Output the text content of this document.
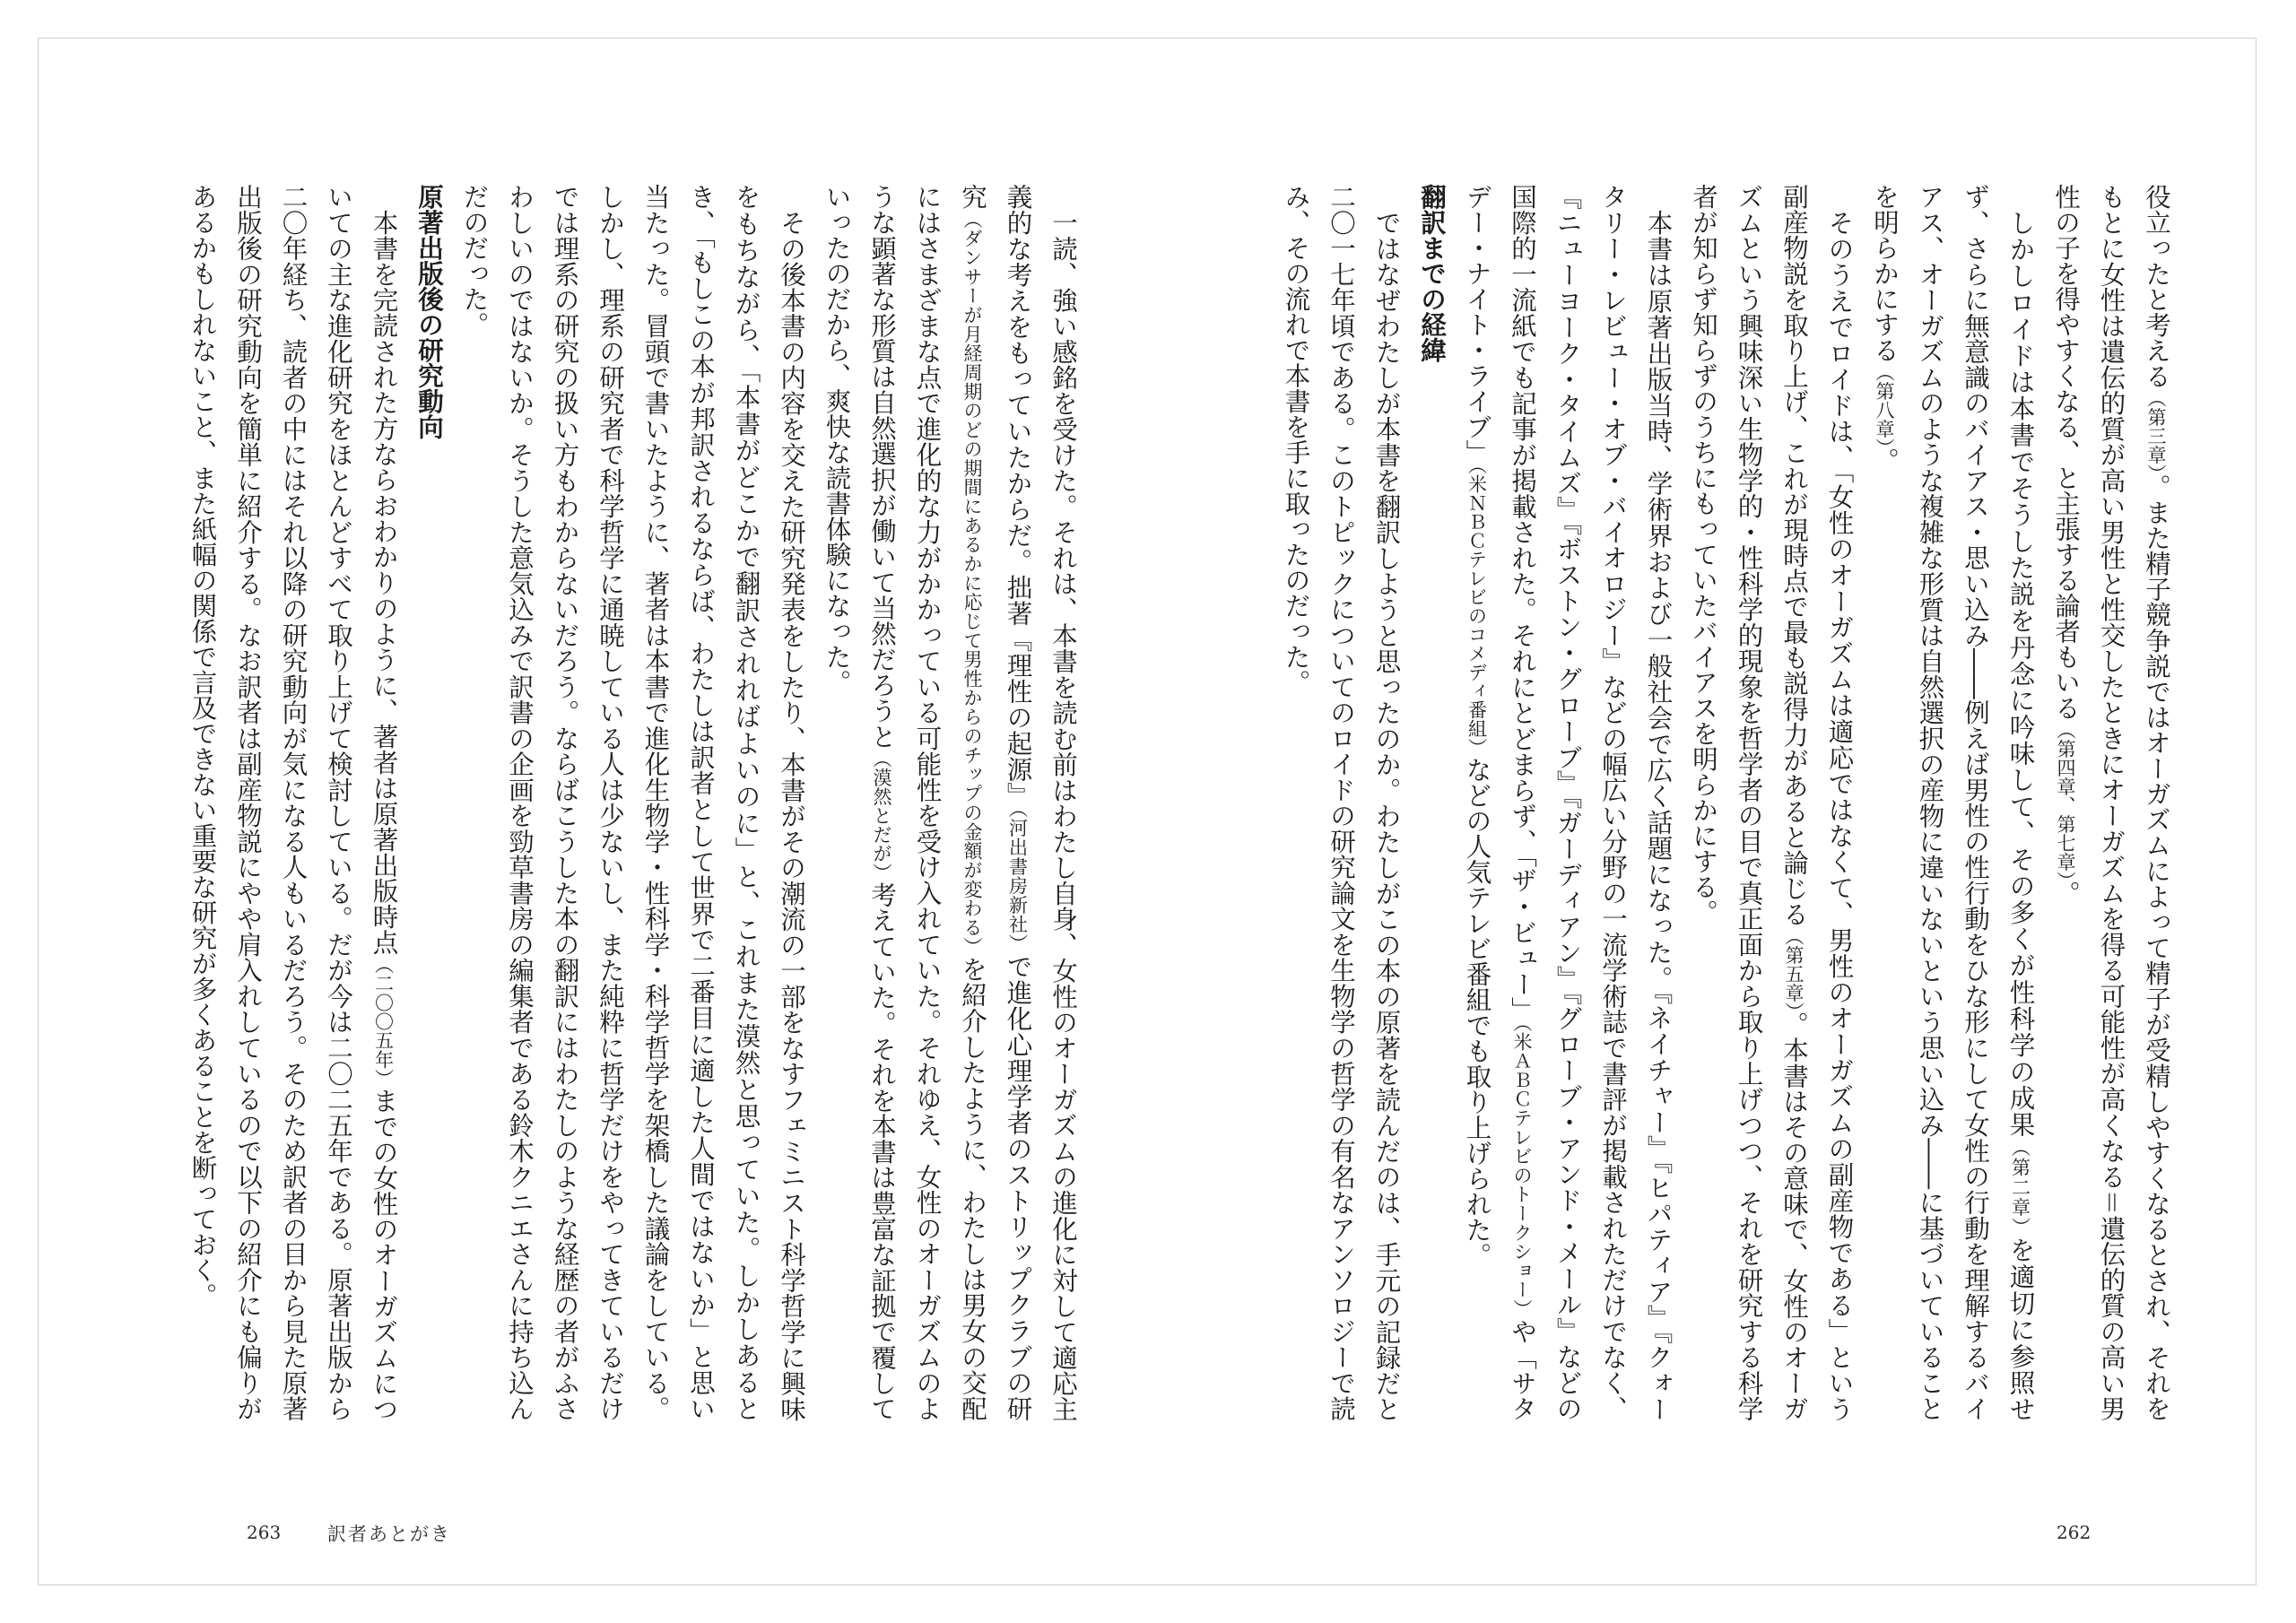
役立ったと考える（第三章）。また精子競争説ではオーガズムによって精子が受精しやすくなるとされ、それをもとに女性は遺伝的質が高い男性と性交したときにオーガズムを得る可能性が高くなる＝遺伝的質の高い男性の子を得やすくなる、と主張する論者もいる（第四章、第七章）。

しかしロイドは本書でそうした説を丹念に吟味して、その多くが性科学の成果（第二章）を適切に参照せず、さらに無意識のバイアス・思い込み――例えば男性の性行動をひな形にして女性の行動を理解するバイアス、オーガズムのような複雑な形質は自然選択の産物に違いないという思い込み――に基づいていることを明らかにする（第八章）。

そのうえでロイドは、「女性のオーガズムは適応ではなくて、男性のオーガズムの副産物である」という副産物説を取り上げ、これが現時点で最も説得力があると論じる（第五章）。本書はその意味で、女性のオーガズムという興味深い生物学的・性科学的現象を哲学者の目で真正面から取り上げつつ、それを研究する科学者が知らず知らずのうちにもっていたバイアスを明らかにする。

本書は原著出版当時、学術界および一般社会で広く話題になった。『ネイチャー』『ヒパティア』『クォータリー・レビュー・オブ・バイオロジー』などの幅広い分野の一流学術誌で書評が掲載されただけでなく、『ニューヨーク・タイムズ』『ボストン・グローブ』『ガーディアン』『グローブ・アンド・メール』などの国際的一流紙でも記事が掲載された。それにとどまらず、「ザ・ビュー」（米ＡＢＣテレビのトークショー）や「サタデー・ナイト・ライブ」（米ＮＢＣテレビのコメディ番組）などの人気テレビ番組でも取り上げられた。

翻訳までの経緯

ではなぜわたしが本書を翻訳しようと思ったのか。わたしがこの本の原著を読んだのは、手元の記録だと二〇一七年頃である。このトピックについてのロイドの研究論文を生物学の哲学の有名なアンソロジーで読み、その流れで本書を手に取ったのだった。

一読、強い感銘を受けた。それは、本書を読む前はわたし自身、女性のオーガズムの進化に対して適応主義的な考えをもっていたからだ。拙著『理性の起源』（河出書房新社）で進化心理学者のストリップクラブの研究（ダンサーが月経周期のどの期間にあるかに応じて男性からのチップの金額が変わる）を紹介したように、わたしは男女の交配にはさまざまな点で進化的な力がかかっている可能性を受け入れていた。それゆえ、女性のオーガズムのような顕著な形質は自然選択が働いて当然だろうと（漠然とだが）考えていた。それを本書は豊富な証拠で覆していったのだから、爽快な読書体験になった。

その後本書の内容を交えた研究発表をしたり、本書がその潮流の一部をなすフェミニスト科学哲学に興味をもちながら、「本書がどこかで翻訳されればよいのに」と、これまた漠然と思っていた。しかしあるとき、「もしこの本が邦訳されるならば、わたしは訳者として世界で二番目に適した人間ではないか」と思い当たった。冒頭で書いたように、著者は本書で進化生物学・性科学・科学哲学を架橋した議論をしている。しかし、理系の研究者で科学哲学に通暁している人は少ないし、また純粋に哲学だけをやってきているだけでは理系の研究の扱い方もわからないだろう。ならばこうした本の翻訳にはわたしのような経歴の者がふさわしいのではないか。そうした意気込みで訳書の企画を勁草書房の編集者である鈴木クニエさんに持ち込んだのだった。

原著出版後の研究動向

本書を完読された方ならおわかりのように、著者は原著出版時点（二〇〇五年）までの女性のオーガズムについての主な進化研究をほとんどすべて取り上げて検討している。だが今は二〇二五年である。原著出版から二〇年経ち、読者の中にはそれ以降の研究動向が気になる人もいるだろう。そのため訳者の目から見た原著出版後の研究動向を簡単に紹介する。なお訳者は副産物説にやや肩入れしているので以下の紹介にも偏りがあるかもしれないこと、また紙幅の関係で言及できない重要な研究が多くあることを断っておく。

263 訳者あとがき	262
